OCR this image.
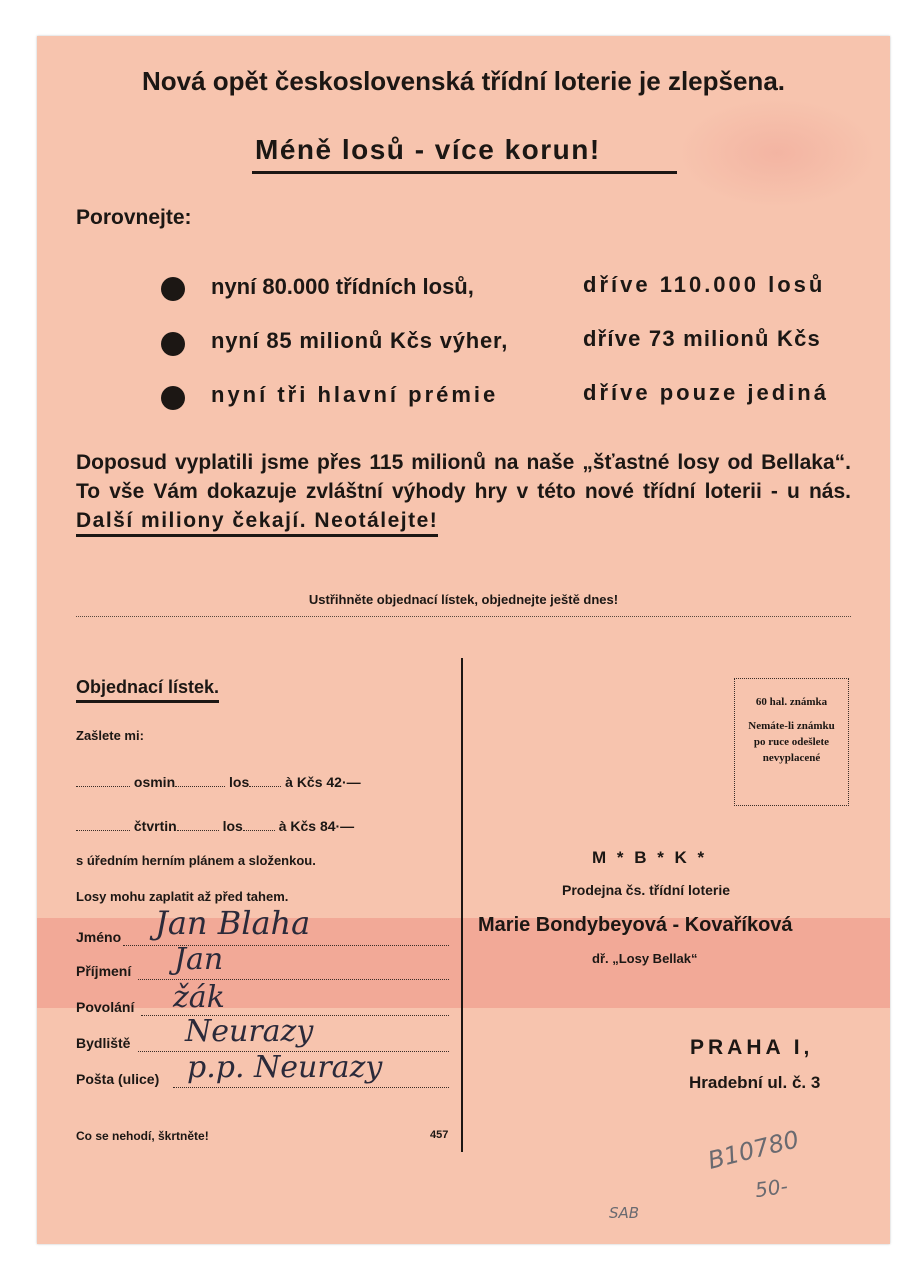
Nová opět československá třídní loterie je zlepšena.
Méně losů - více korun!
Porovnejte:
nyní 80.000 třídních losů,	dříve 110.000 losů
nyní 85 milionů Kčs výher,	dříve 73 milionů Kčs
nyní tři hlavní prémie	dříve pouze jediná
Doposud vyplatili jsme přes 115 milionů na naše „šťastné losy od Bellaka“. To vše Vám dokazuje zvláštní výhody hry v této nové třídní loterii - u nás. Další miliony čekají. Neotálejte!
Ustřihněte objednací lístek, objednejte ještě dnes!
Objednací lístek.
Zašlete mi:
osmin	los	à Kčs 42·—
čtvrtin	los	à Kčs 84·—
s úředním herním plánem a složenkou.
Losy mohu zaplatit až před tahem.
Jméno Jan Blaha
Příjmení Jan
Povolání žák
Bydliště Neurazy
Pošta (ulice) p.p. Neurazy
Co se nehodí, škrtněte!	457
60 hal. známka
Nemáte-li známku po ruce odešlete nevyplacené
M * B * K *
Prodejna čs. třídní loterie
Marie Bondybeyová - Kovaříková
dř. „Losy Bellak“
PRAHA I,
Hradební ul. č. 3
B10780
50-
SAB
